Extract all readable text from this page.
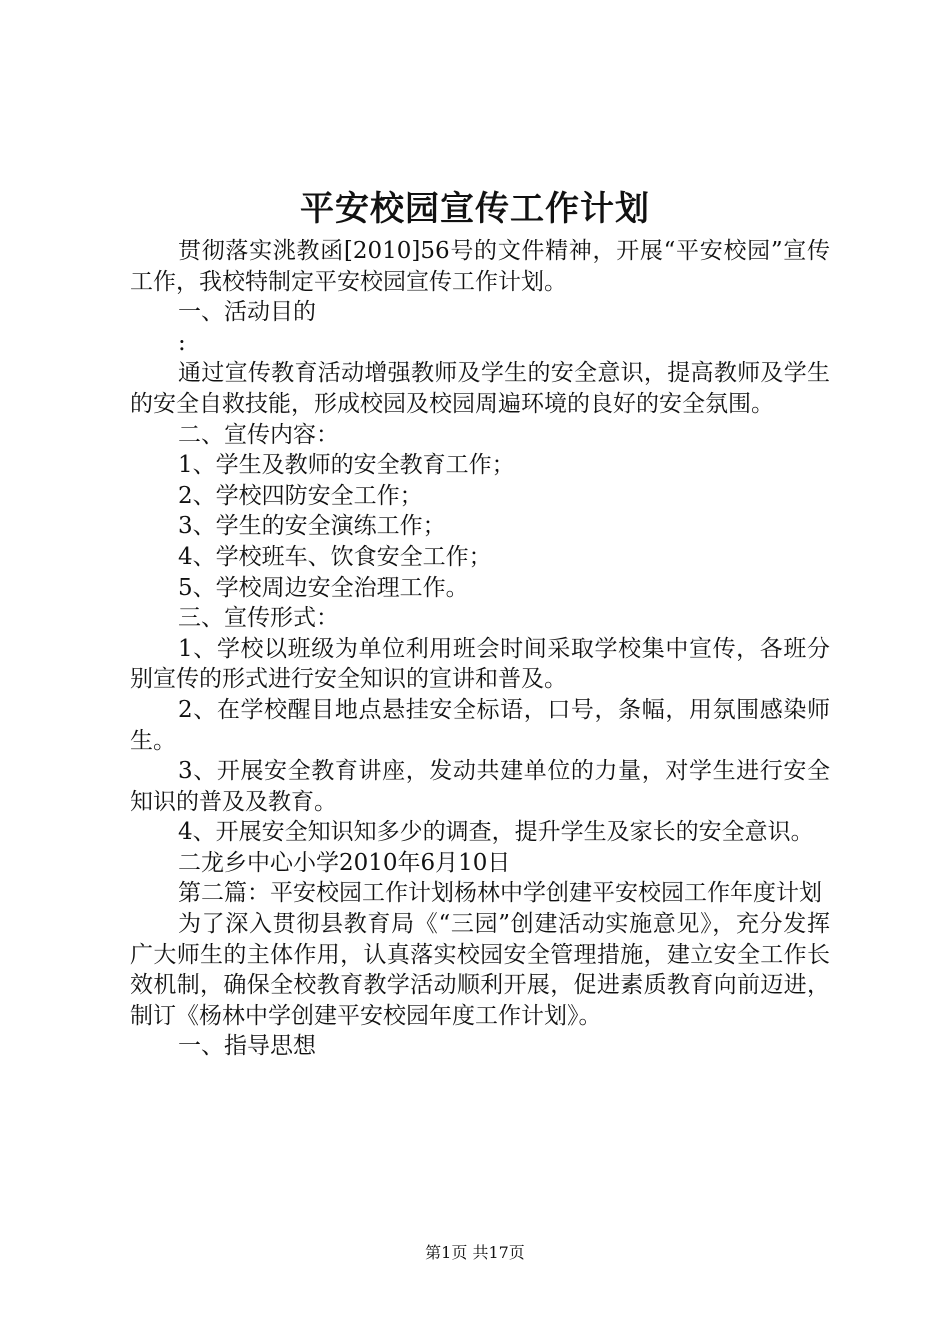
平安校园宣传工作计划

贯彻落实洮教函[2010]56号的文件精神，开展“平安校园”宣传工作，我校特制定平安校园宣传工作计划。

一、活动目的

:

通过宣传教育活动增强教师及学生的安全意识，提高教师及学生的安全自救技能，形成校园及校园周遍环境的良好的安全氛围。

二、宣传内容：

1、学生及教师的安全教育工作；

2、学校四防安全工作；

3、学生的安全演练工作；

4、学校班车、饮食安全工作；

5、学校周边安全治理工作。

三、宣传形式：

1、学校以班级为单位利用班会时间采取学校集中宣传，各班分别宣传的形式进行安全知识的宣讲和普及。

2、在学校醒目地点悬挂安全标语，口号，条幅，用氛围感染师生。

3、开展安全教育讲座，发动共建单位的力量，对学生进行安全知识的普及及教育。

4、开展安全知识知多少的调查，提升学生及家长的安全意识。

二龙乡中心小学2010年6月10日

第二篇：平安校园工作计划杨林中学创建平安校园工作年度计划

为了深入贯彻县教育局《“三园”创建活动实施意见》，充分发挥广大师生的主体作用，认真落实校园安全管理措施，建立安全工作长效机制，确保全校教育教学活动顺利开展，促进素质教育向前迈进，制订《杨林中学创建平安校园年度工作计划》。

一、指导思想

第1页 共17页
